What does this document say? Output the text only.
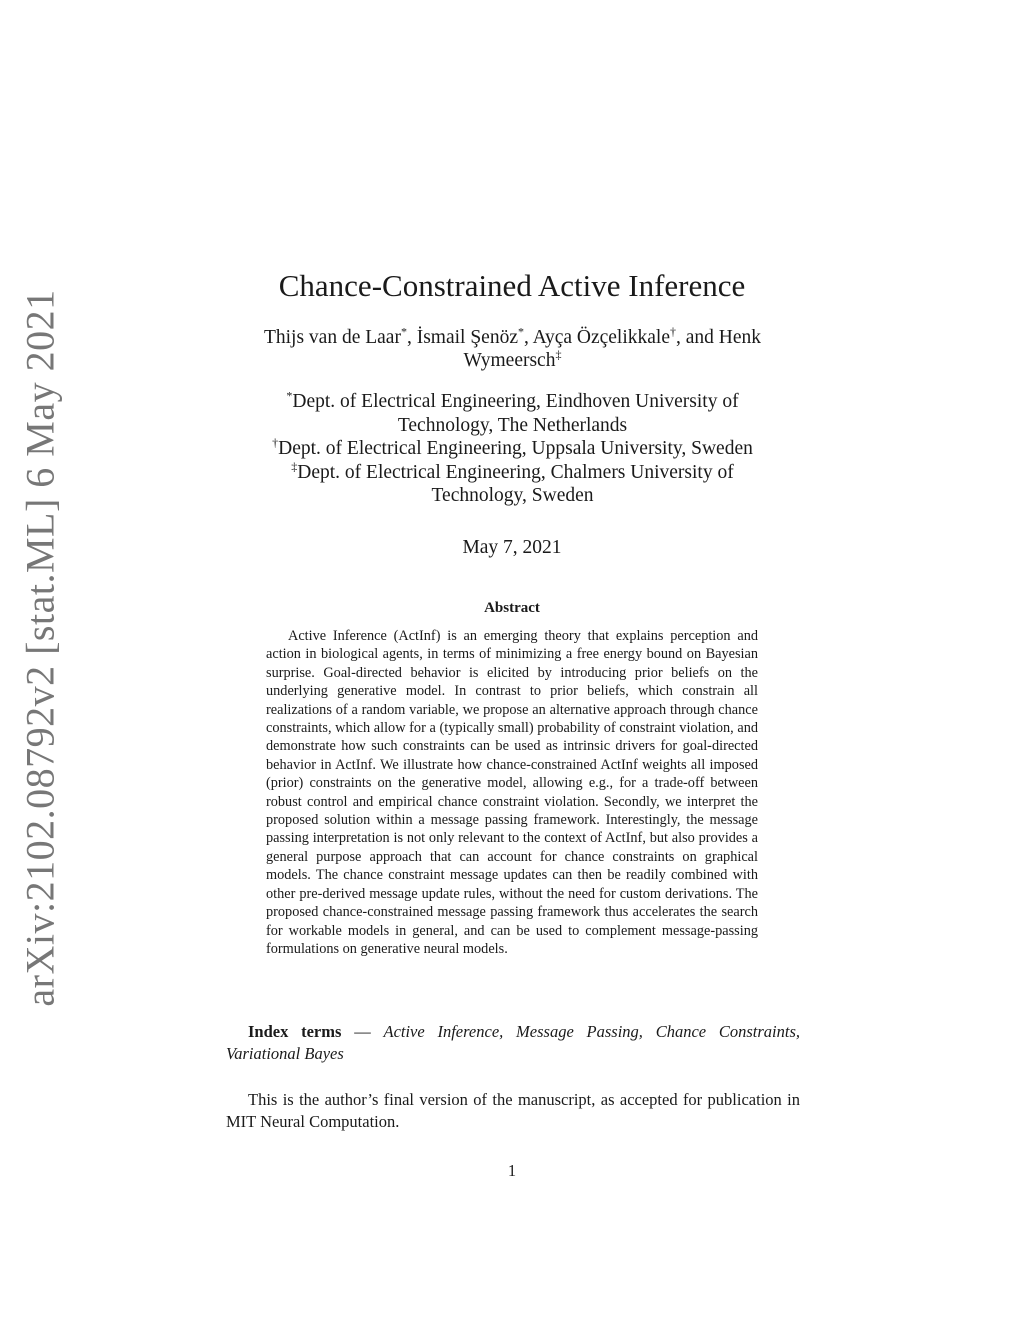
arXiv:2102.08792v2 [stat.ML] 6 May 2021
Chance-Constrained Active Inference
Thijs van de Laar*, İsmail Şenöz*, Ayça Özçelikkale†, and Henk
Wymeersch‡
*Dept. of Electrical Engineering, Eindhoven University of
Technology, The Netherlands
†Dept. of Electrical Engineering, Uppsala University, Sweden
‡Dept. of Electrical Engineering, Chalmers University of
Technology, Sweden
May 7, 2021
Abstract

Active Inference (ActInf) is an emerging theory that explains perception and action in biological agents, in terms of minimizing a free energy bound on Bayesian surprise. Goal-directed behavior is elicited by introducing prior beliefs on the underlying generative model. In contrast to prior beliefs, which constrain all realizations of a random variable, we propose an alternative approach through chance constraints, which allow for a (typically small) probability of constraint violation, and demonstrate how such constraints can be used as intrinsic drivers for goal-directed behavior in ActInf. We illustrate how chance-constrained ActInf weights all imposed (prior) constraints on the generative model, allowing e.g., for a trade-off between robust control and empirical chance constraint violation. Secondly, we interpret the proposed solution within a message passing framework. Interestingly, the message passing interpretation is not only relevant to the context of ActInf, but also provides a general purpose approach that can account for chance constraints on graphical models. The chance constraint message updates can then be readily combined with other pre-derived message update rules, without the need for custom derivations. The proposed chance-constrained message passing framework thus accelerates the search for workable models in general, and can be used to complement message-passing formulations on generative neural models.

Index terms — Active Inference, Message Passing, Chance Constraints, Variational Bayes

This is the author’s final version of the manuscript, as accepted for publication in MIT Neural Computation.

1
